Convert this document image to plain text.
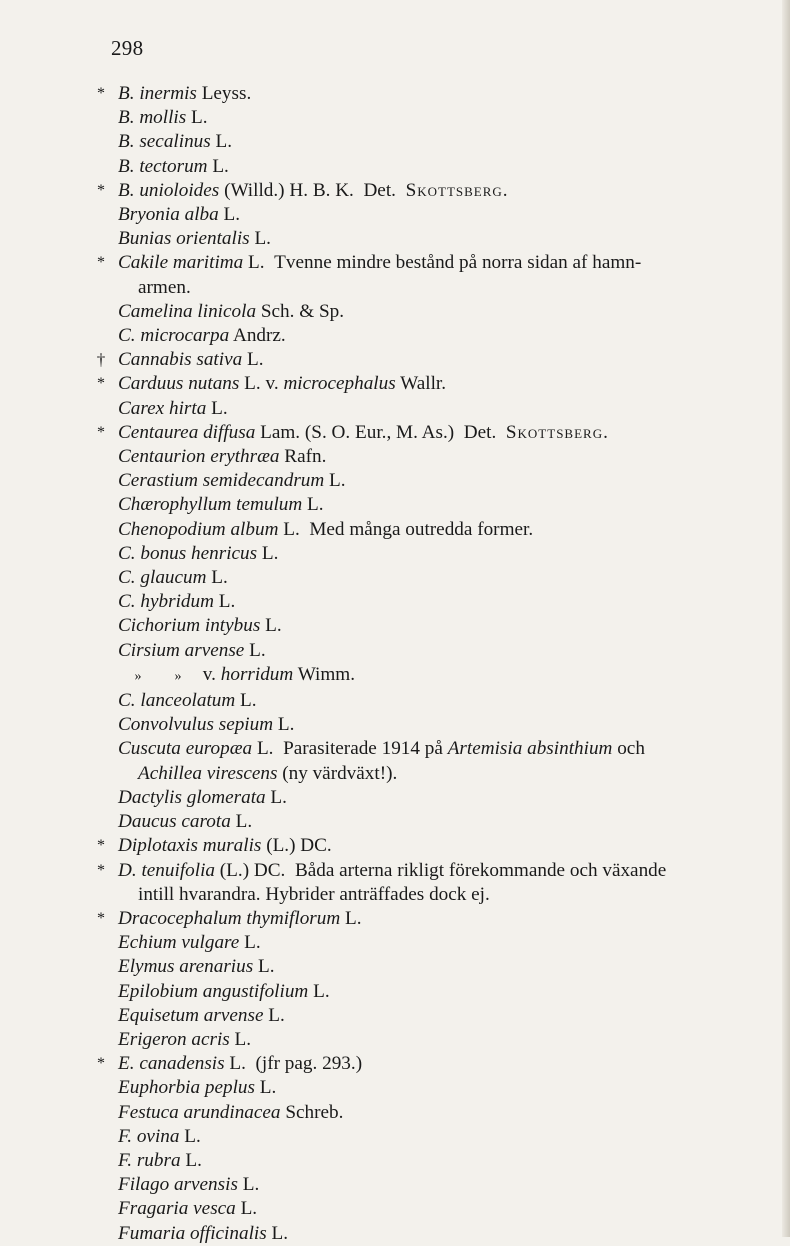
298
* B. inermis Leyss.
B. mollis L.
B. secalinus L.
B. tectorum L.
* B. unioloides (Willd.) H. B. K.  Det.  Skottsberg.
Bryonia alba L.
Bunias orientalis L.
* Cakile maritima L.  Tvenne mindre bestånd på norra sidan af hamn-
armen.
Camelina linicola Sch. & Sp.
C. microcarpa Andrz.
† Cannabis sativa L.
* Carduus nutans L. v. microcephalus Wallr.
Carex hirta L.
* Centaurea diffusa Lam. (S. O. Eur., M. As.)  Det.  Skottsberg.
Centaurion erythræa Rafn.
Cerastium semidecandrum L.
Chærophyllum temulum L.
Chenopodium album L.  Med många outredda former.
C. bonus henricus L.
C. glaucum L.
C. hybridum L.
Cichorium intybus L.
Cirsium arvense L.
» » v. horridum Wimm.
C. lanceolatum L.
Convolvulus sepium L.
Cuscuta europæa L.  Parasiterade 1914 på Artemisia absinthium och
Achillea virescens (ny värdväxt!).
Dactylis glomerata L.
Daucus carota L.
* Diplotaxis muralis (L.) DC.
* D. tenuifolia (L.) DC.  Båda arterna rikligt förekommande och växande
intill hvarandra. Hybrider anträffades dock ej.
* Dracocephalum thymiflorum L.
Echium vulgare L.
Elymus arenarius L.
Epilobium angustifolium L.
Equisetum arvense L.
Erigeron acris L.
* E. canadensis L.  (jfr pag. 293.)
Euphorbia peplus L.
Festuca arundinacea Schreb.
F. ovina L.
F. rubra L.
Filago arvensis L.
Fragaria vesca L.
Fumaria officinalis L.
